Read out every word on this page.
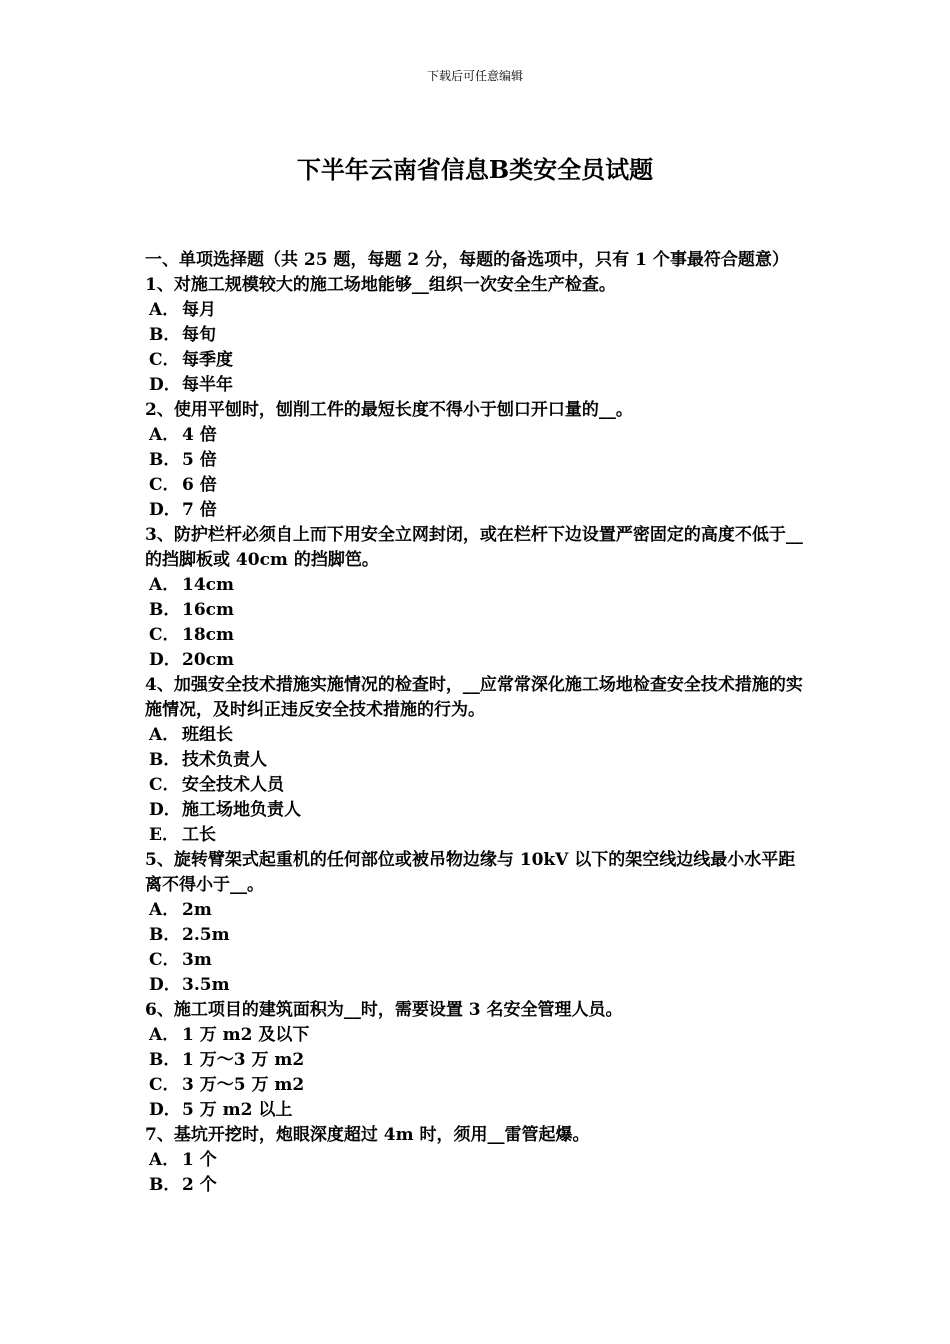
下载后可任意编辑
下半年云南省信息B类安全员试题

一、单项选择题（共 25 题，每题 2 分，每题的备选项中，只有 1 个事最符合题意）

1、对施工规模较大的施工场地能够__组织一次安全生产检查。

A． 每月

B．每旬

C． 每季度

D．每半年

2、使用平刨时，刨削工件的最短长度不得小于刨口开口量的__。

A． 4 倍

B．5 倍

C． 6 倍

D．7 倍

3、防护栏杆必须自上而下用安全立网封闭，或在栏杆下边设置严密固定的高度不低于__的挡脚板或 40cm 的挡脚笆。

A． 14cm

B．16cm

C． 18cm

D．20cm

4、加强安全技术措施实施情况的检查时，__应常常深化施工场地检查安全技术措施的实施情况，及时纠正违反安全技术措施的行为。

A． 班组长

B．技术负责人

C． 安全技术人员

D．施工场地负责人

E． 工长

5、旋转臂架式起重机的任何部位或被吊物边缘与 10kV 以下的架空线边线最小水平距离不得小于__。

A． 2m

B．2.5m

C． 3m

D．3.5m

6、施工项目的建筑面积为__时，需要设置 3 名安全管理人员。

A． 1 万 m2 及以下

B．1 万～3 万 m2

C． 3 万～5 万 m2

D．5 万 m2 以上

7、基坑开挖时，炮眼深度超过 4m 时，须用__雷管起爆。

A． 1 个

B．2 个
